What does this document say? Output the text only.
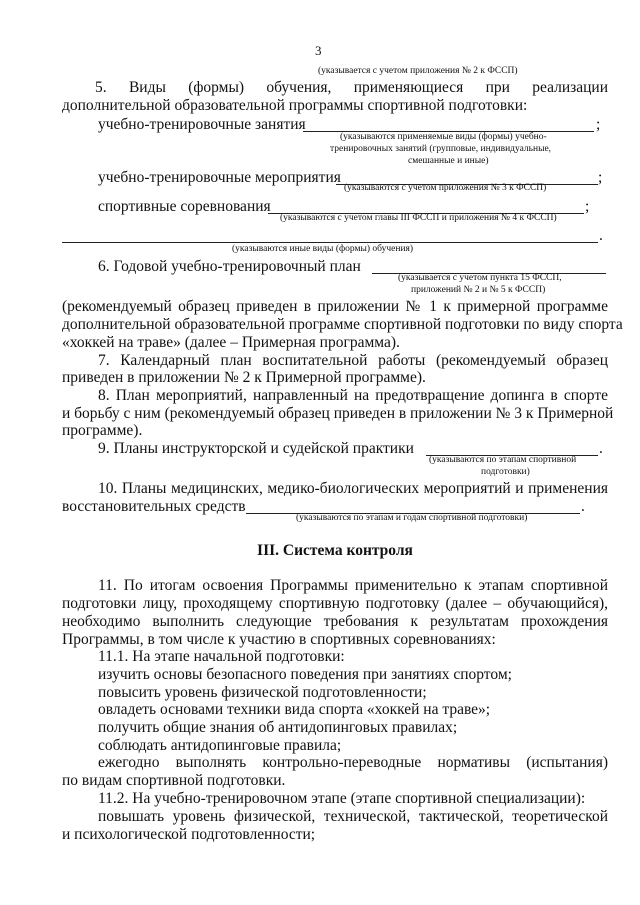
3
(указывается с учетом приложения № 2 к ФССП)
5. Виды (формы) обучения, применяющиеся при реализации
дополнительной образовательной программы спортивной подготовки:
учебно-тренировочные занятия	;
(указываются применяемые виды (формы) учебно-
тренировочных занятий (групповые, индивидуальные,
смешанные и иные)
учебно-тренировочные мероприятия	;
(указываются с учетом приложения № 3 к ФССП)
спортивные соревнования	;
(указываются с учетом главы III ФССП и приложения № 4 к ФССП)
.
(указываются иные виды (формы) обучения)
6. Годовой учебно-тренировочный план
(указывается с учетом пункта 15 ФССП,
приложений № 2 и № 5 к ФССП)
(рекомендуемый образец приведен в приложении № 1 к примерной программе
дополнительной образовательной программе спортивной подготовки по виду спорта
«хоккей на траве» (далее – Примерная программа).
7. Календарный план воспитательной работы (рекомендуемый образец
приведен в приложении № 2 к Примерной программе).
8. План мероприятий, направленный на предотвращение допинга в спорте
и борьбу с ним (рекомендуемый образец приведен в приложении № 3 к Примерной
программе).
9. Планы инструкторской и судейской практики	.
(указываются по этапам спортивной
подготовки)
10. Планы медицинских, медико-биологических мероприятий и применения
восстановительных средств	.
(указываются по этапам и годам спортивной подготовки)
III. Система контроля
11. По итогам освоения Программы применительно к этапам спортивной
подготовки лицу, проходящему спортивную подготовку (далее – обучающийся),
необходимо выполнить следующие требования к результатам прохождения
Программы, в том числе к участию в спортивных соревнованиях:
11.1. На этапе начальной подготовки:
изучить основы безопасного поведения при занятиях спортом;
повысить уровень физической подготовленности;
овладеть основами техники вида спорта «хоккей на траве»;
получить общие знания об антидопинговых правилах;
соблюдать антидопинговые правила;
ежегодно выполнять контрольно-переводные нормативы (испытания)
по видам спортивной подготовки.
11.2. На учебно-тренировочном этапе (этапе спортивной специализации):
повышать уровень физической, технической, тактической, теоретической
и психологической подготовленности;
